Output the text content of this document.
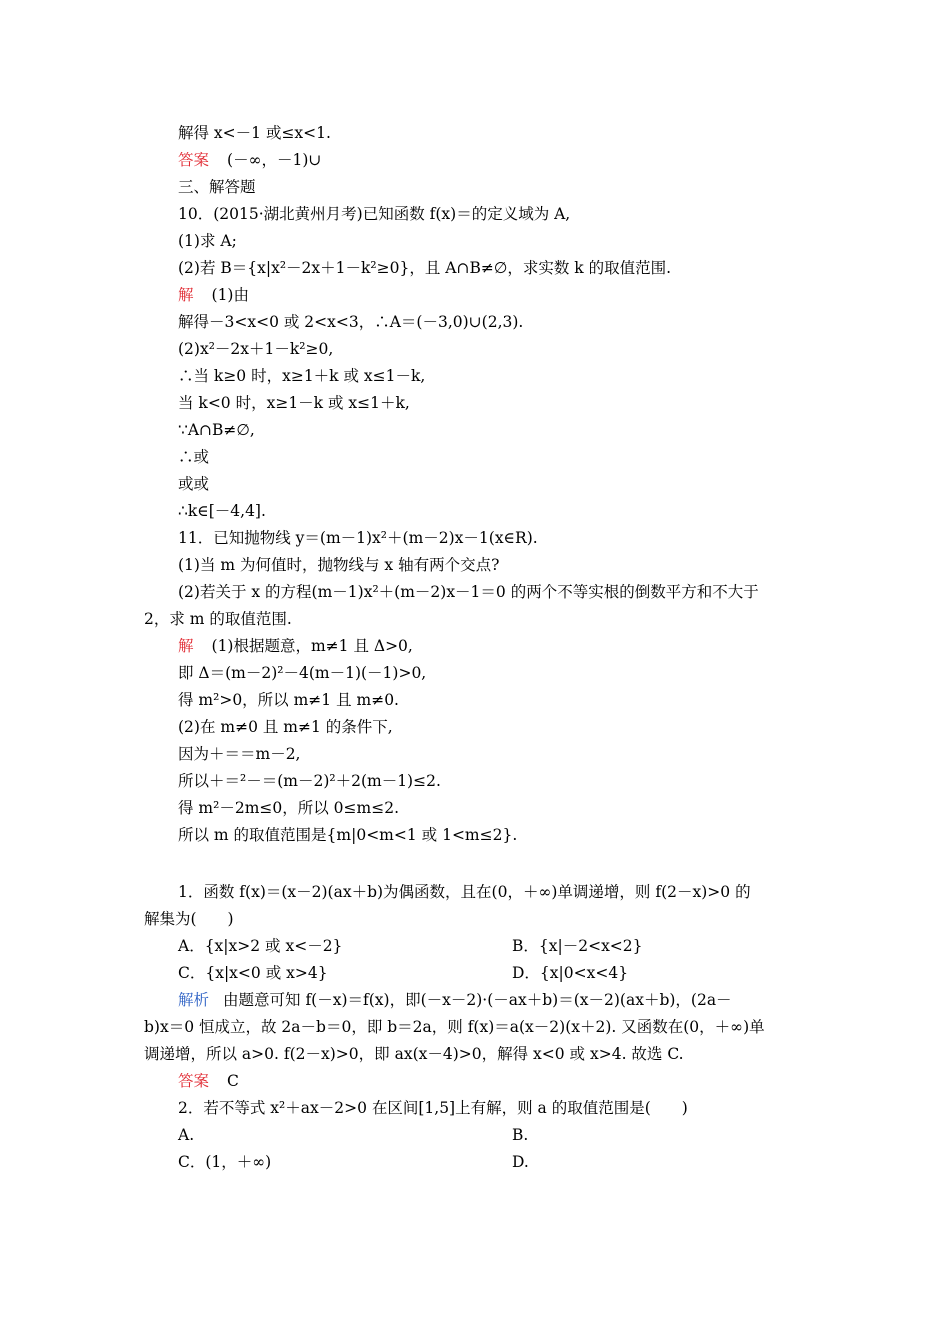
解得 x<－1 或≤x<1.
答案 (－∞，－1)∪
三、解答题
10．(2015·湖北黄州月考)已知函数 f(x)＝的定义域为 A,
(1)求 A;
(2)若 B＝{x|x²－2x＋1－k²≥0}，且 A∩B≠∅，求实数 k 的取值范围.
解 (1)由
解得－3<x<0 或 2<x<3，∴A＝(－3,0)∪(2,3).
(2)x²－2x＋1－k²≥0,
∴当 k≥0 时，x≥1＋k 或 x≤1－k,
当 k<0 时，x≥1－k 或 x≤1＋k,
∵A∩B≠∅,
∴或
或或
∴k∈[－4,4].
11．已知抛物线 y＝(m－1)x²＋(m－2)x－1(x∈R).
(1)当 m 为何值时，抛物线与 x 轴有两个交点?
(2)若关于 x 的方程(m－1)x²＋(m－2)x－1＝0 的两个不等实根的倒数平方和不大于
2，求 m 的取值范围.
解 (1)根据题意，m≠1 且 Δ>0,
即 Δ＝(m－2)²－4(m－1)(－1)>0,
得 m²>0，所以 m≠1 且 m≠0.
(2)在 m≠0 且 m≠1 的条件下,
因为＋＝＝m－2,
所以＋＝²－＝(m－2)²＋2(m－1)≤2.
得 m²－2m≤0，所以 0≤m≤2.
所以 m 的取值范围是{m|0<m<1 或 1<m≤2}.
1．函数 f(x)＝(x－2)(ax＋b)为偶函数，且在(0，＋∞)单调递增，则 f(2－x)>0 的
解集为(　　)
A．{x|x>2 或 x<－2}	B．{x|－2<x<2}
C．{x|x<0 或 x>4}	D．{x|0<x<4}
解析 由题意可知 f(－x)＝f(x)，即(－x－2)·(－ax＋b)＝(x－2)(ax＋b)，(2a－
b)x＝0 恒成立，故 2a－b＝0，即 b＝2a，则 f(x)＝a(x－2)(x＋2). 又函数在(0，＋∞)单
调递增，所以 a>0. f(2－x)>0，即 ax(x－4)>0，解得 x<0 或 x>4. 故选 C.
答案 C
2．若不等式 x²＋ax－2>0 在区间[1,5]上有解，则 a 的取值范围是(　　)
A.	B.
C．(1，＋∞)	D.
